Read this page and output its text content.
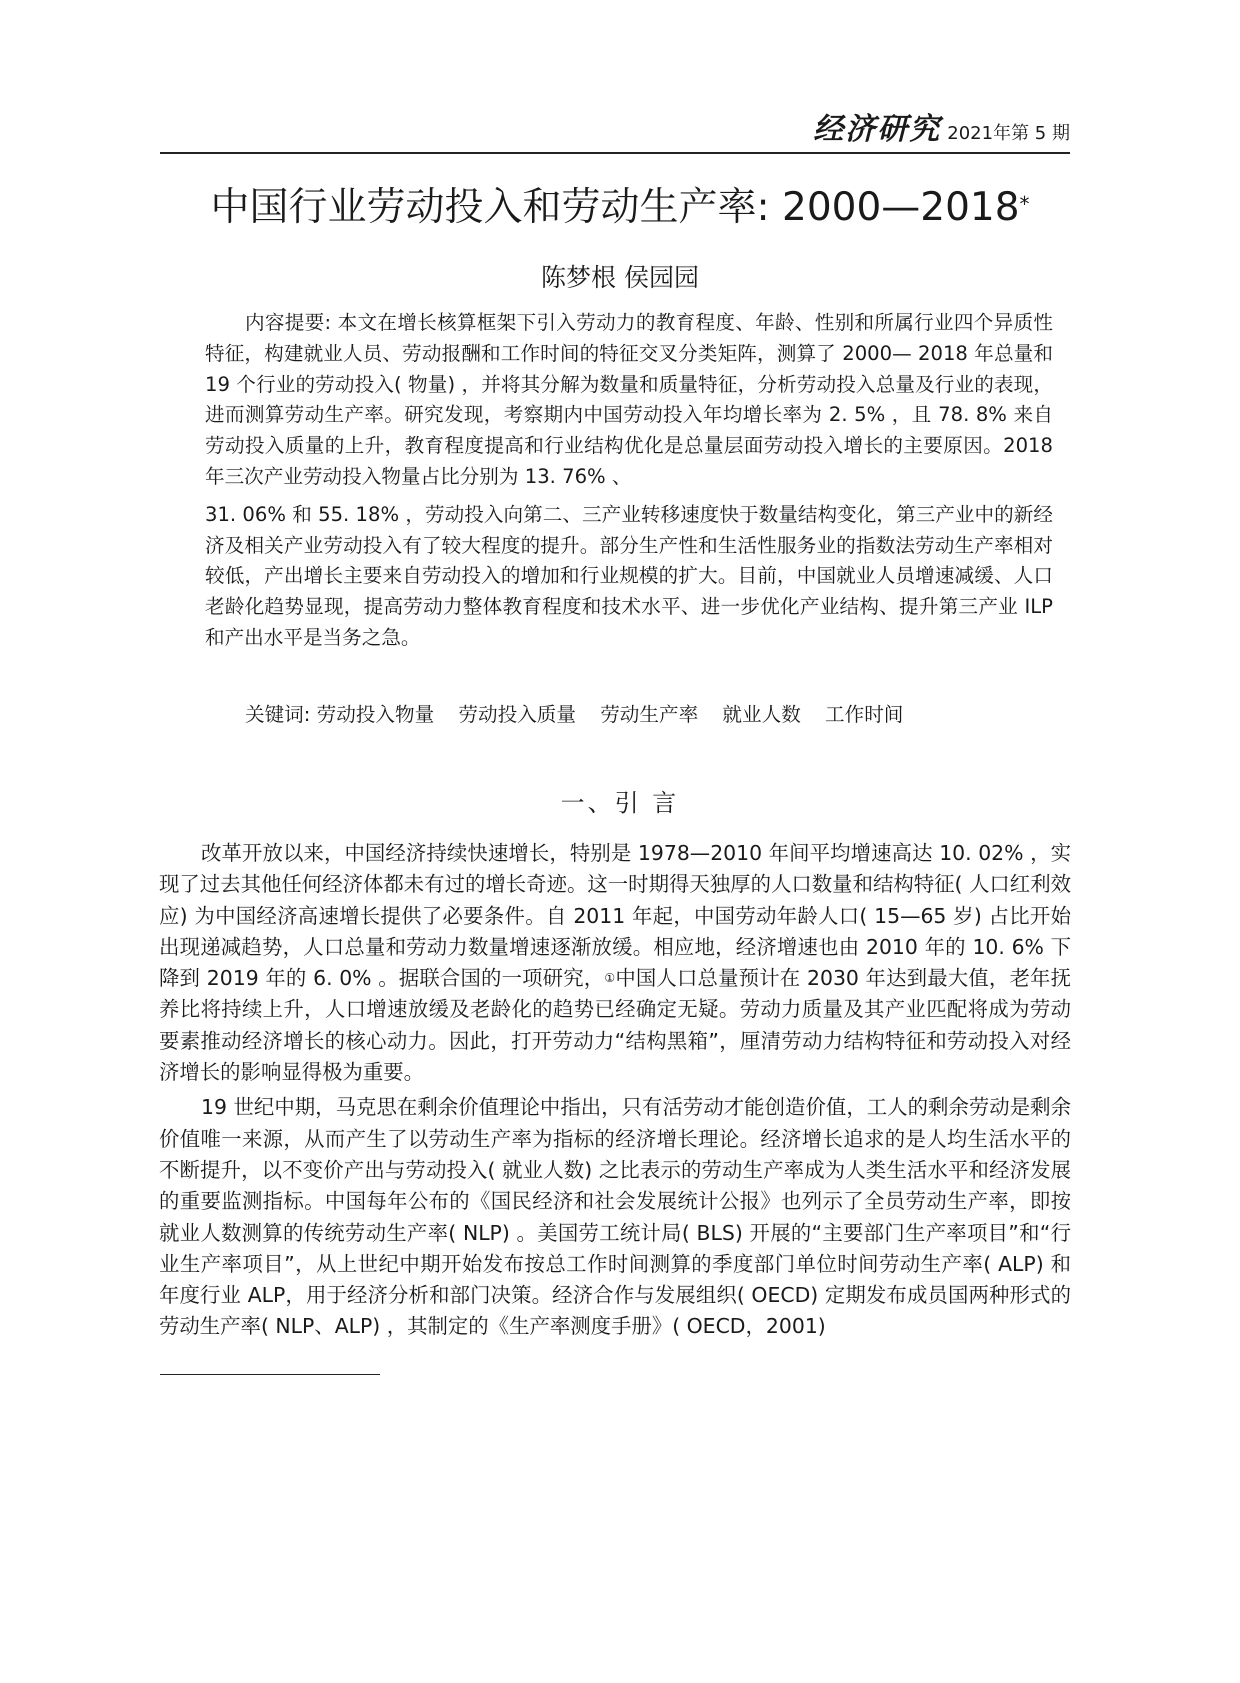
经济研究 2021年第 5 期
中国行业劳动投入和劳动生产率: 2000—2018*
陈梦根 侯园园

内容提要: 本文在增长核算框架下引入劳动力的教育程度、年龄、性别和所属行业四个异质性特征，构建就业人员、劳动报酬和工作时间的特征交叉分类矩阵，测算了 2000— 2018 年总量和 19 个行业的劳动投入( 物量) ，并将其分解为数量和质量特征，分析劳动投入总量及行业的表现，进而测算劳动生产率。研究发现，考察期内中国劳动投入年均增长率为 2. 5% ，且 78. 8% 来自劳动投入质量的上升，教育程度提高和行业结构优化是总量层面劳动投入增长的主要原因。2018 年三次产业劳动投入物量占比分别为 13. 76% 、

31. 06% 和 55. 18% ，劳动投入向第二、三产业转移速度快于数量结构变化，第三产业中的新经济及相关产业劳动投入有了较大程度的提升。部分生产性和生活性服务业的指数法劳动生产率相对较低，产出增长主要来自劳动投入的增加和行业规模的扩大。目前，中国就业人员增速减缓、人口老龄化趋势显现，提高劳动力整体教育程度和技术水平、进一步优化产业结构、提升第三产业 ILP 和产出水平是当务之急。

关键词: 劳动投入物量 劳动投入质量 劳动生产率 就业人数 工作时间
一、引 言

改革开放以来，中国经济持续快速增长，特别是 1978—2010 年间平均增速高达 10. 02% ，实现了过去其他任何经济体都未有过的增长奇迹。这一时期得天独厚的人口数量和结构特征( 人口红利效应) 为中国经济高速增长提供了必要条件。自 2011 年起，中国劳动年龄人口( 15—65 岁) 占比开始出现递减趋势，人口总量和劳动力数量增速逐渐放缓。相应地，经济增速也由 2010 年的 10. 6% 下降到 2019 年的 6. 0% 。据联合国的一项研究，①中国人口总量预计在 2030 年达到最大值，老年抚养比将持续上升，人口增速放缓及老龄化的趋势已经确定无疑。劳动力质量及其产业匹配将成为劳动要素推动经济增长的核心动力。因此，打开劳动力“结构黑箱”，厘清劳动力结构特征和劳动投入对经济增长的影响显得极为重要。

19 世纪中期，马克思在剩余价值理论中指出，只有活劳动才能创造价值，工人的剩余劳动是剩余价值唯一来源，从而产生了以劳动生产率为指标的经济增长理论。经济增长追求的是人均生活水平的不断提升，以不变价产出与劳动投入( 就业人数) 之比表示的劳动生产率成为人类生活水平和经济发展的重要监测指标。中国每年公布的《国民经济和社会发展统计公报》也列示了全员劳动生产率，即按就业人数测算的传统劳动生产率( NLP) 。美国劳工统计局( BLS) 开展的“主要部门生产率项目”和“行业生产率项目”，从上世纪中期开始发布按总工作时间测算的季度部门单位时间劳动生产率( ALP) 和年度行业 ALP，用于经济分析和部门决策。经济合作与发展组织( OECD) 定期发布成员国两种形式的劳动生产率( NLP、ALP) ，其制定的《生产率测度手册》( OECD，2001)
